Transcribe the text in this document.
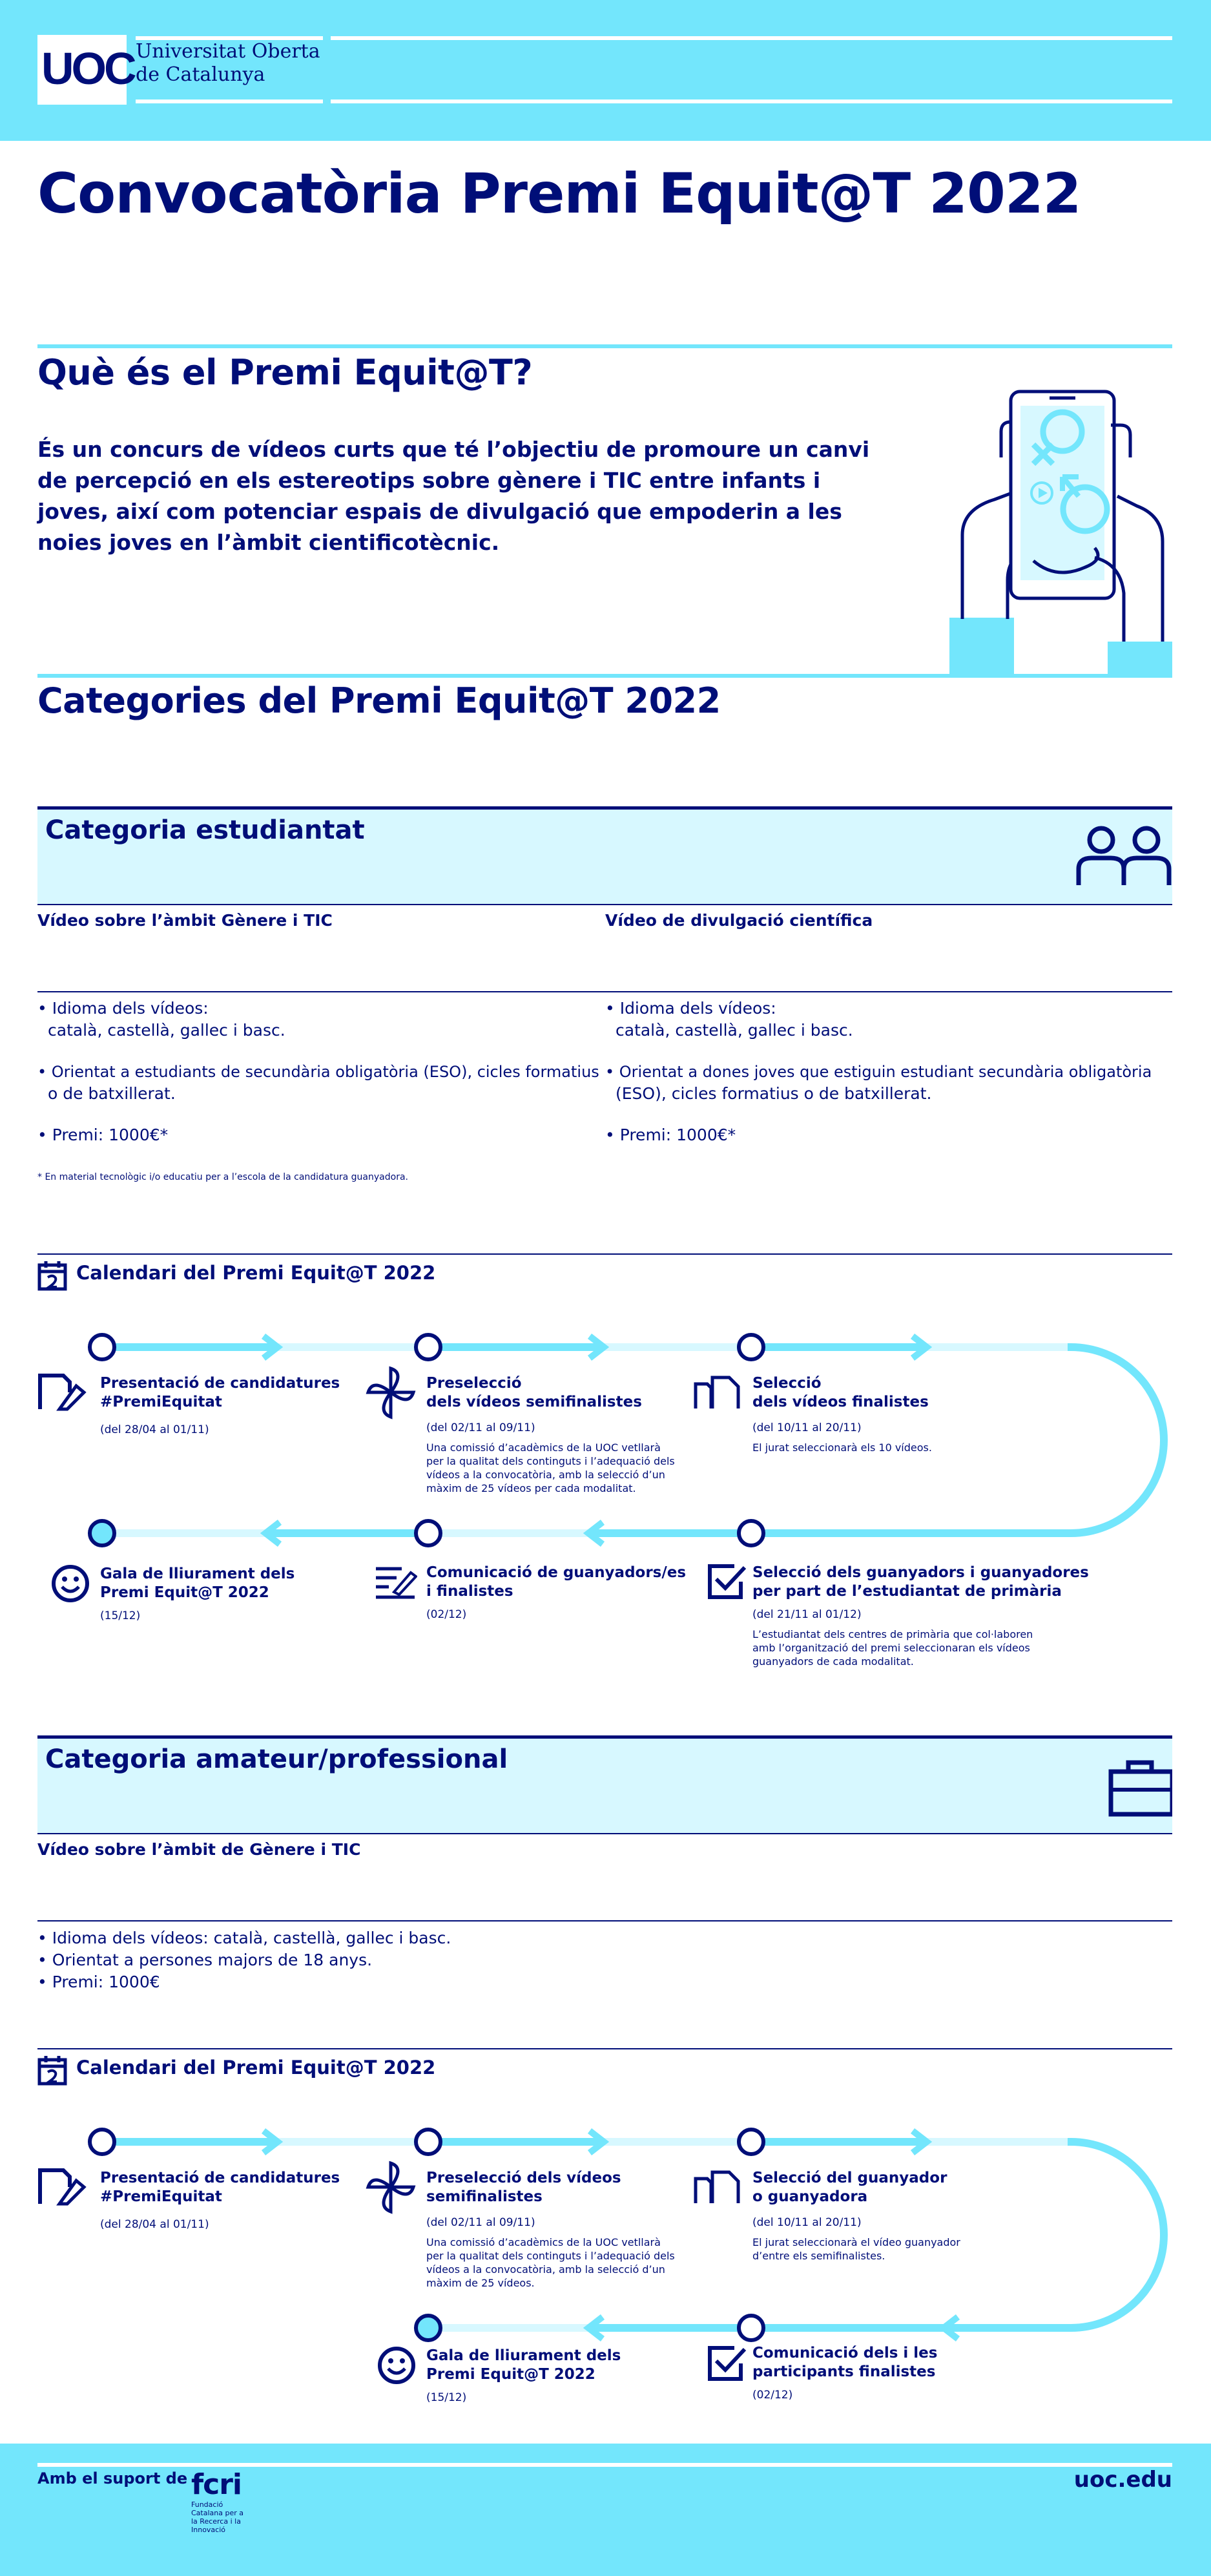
UOC Universitat Oberta
de Catalunya
Convocatòria Premi Equit@T 2022
Què és el Premi Equit@T?
És un concurs de vídeos curts que té l’objectiu de promoure un canvi de percepció en els estereotips sobre gènere i TIC entre infants i joves, així com potenciar espais de divulgació que empoderin a les noies joves en l’àmbit cientificotècnic.
Categories del Premi Equit@T 2022
Categoria estudiantat
Vídeo sobre l’àmbit Gènere i TIC	Vídeo de divulgació científica
• Idioma dels vídeos:
català, castellà, gallec i basc.
• Orientat a estudiants de secundària obligatòria (ESO), cicles formatius
o de batxillerat.
• Premi: 1000€*
• Idioma dels vídeos:
català, castellà, gallec i basc.
• Orientat a dones joves que estiguin estudiant secundària obligatòria
(ESO), cicles formatius o de batxillerat.
• Premi: 1000€*
* En material tecnològic i/o educatiu per a l’escola de la candidatura guanyadora.
Calendari del Premi Equit@T 2022
Presentació de candidatures
#PremiEquitat
(del 28/04 al 01/11)
Preselecció
dels vídeos semifinalistes
(del 02/11 al 09/11)
Una comissió d’acadèmics de la UOC vetllarà
per la qualitat dels continguts i l’adequació dels
vídeos a la convocatòria, amb la selecció d’un
màxim de 25 vídeos per cada modalitat.
Selecció
dels vídeos finalistes
(del 10/11 al 20/11)
El jurat seleccionarà els 10 vídeos.
Selecció dels guanyadors i guanyadores
per part de l’estudiantat de primària
(del 21/11 al 01/12)
L’estudiantat dels centres de primària que col·laboren
amb l’organització del premi seleccionaran els vídeos
guanyadors de cada modalitat.
Comunicació de guanyadors/es
i finalistes
(02/12)
Gala de lliurament dels
Premi Equit@T 2022
(15/12)
Categoria amateur/professional
Vídeo sobre l’àmbit de Gènere i TIC
• Idioma dels vídeos: català, castellà, gallec i basc.
• Orientat a persones majors de 18 anys.
• Premi: 1000€
Calendari del Premi Equit@T 2022
Presentació de candidatures
#PremiEquitat
(del 28/04 al 01/11)
Preselecció dels vídeos
semifinalistes
(del 02/11 al 09/11)
Una comissió d’acadèmics de la UOC vetllarà
per la qualitat dels continguts i l’adequació dels
vídeos a la convocatòria, amb la selecció d’un
màxim de 25 vídeos.
Selecció del guanyador
o guanyadora
(del 10/11 al 20/11)
El jurat seleccionarà el vídeo guanyador
d’entre els semifinalistes.
Comunicació dels i les
participants finalistes
(02/12)
Gala de lliurament dels
Premi Equit@T 2022
(15/12)
Amb el suport de fcri
Fundació
Catalana per a
la Recerca i la
Innovació
uoc.edu
